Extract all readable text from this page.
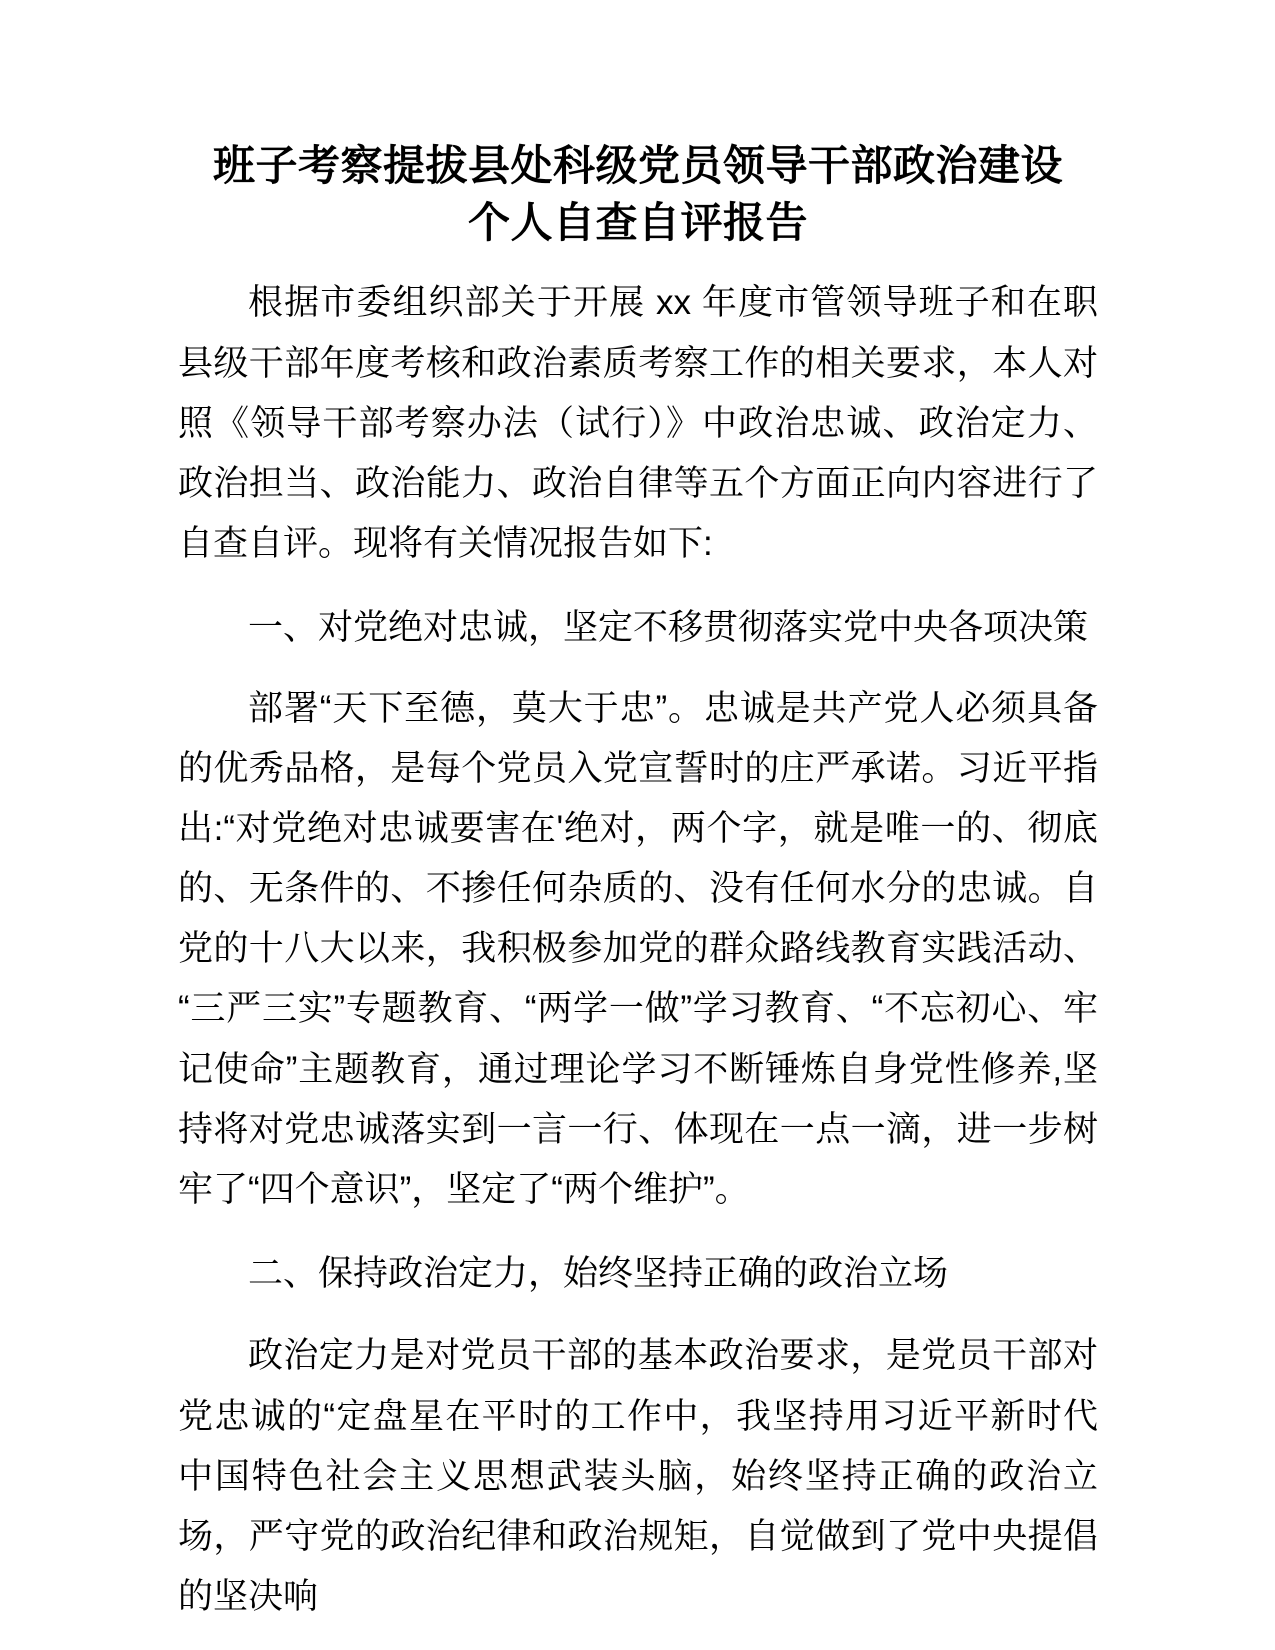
班子考察提拔县处科级党员领导干部政治建设
个人自查自评报告

根据市委组织部关于开展 xx 年度市管领导班子和在职县级干部年度考核和政治素质考察工作的相关要求，本人对照《领导干部考察办法（试行）》中政治忠诚、政治定力、政治担当、政治能力、政治自律等五个方面正向内容进行了自查自评。现将有关情况报告如下:

一、对党绝对忠诚，坚定不移贯彻落实党中央各项决策

部署“天下至德，莫大于忠”。忠诚是共产党人必须具备的优秀品格，是每个党员入党宣誓时的庄严承诺。习近平指出:“对党绝对忠诚要害在'绝对，两个字，就是唯一的、彻底的、无条件的、不掺任何杂质的、没有任何水分的忠诚。自党的十八大以来，我积极参加党的群众路线教育实践活动、“三严三实”专题教育、“两学一做”学习教育、“不忘初心、牢记使命”主题教育，通过理论学习不断锤炼自身党性修养,坚持将对党忠诚落实到一言一行、体现在一点一滴，进一步树牢了“四个意识”，坚定了“两个维护”。

二、保持政治定力，始终坚持正确的政治立场

政治定力是对党员干部的基本政治要求，是党员干部对党忠诚的“定盘星在平时的工作中，我坚持用习近平新时代中国特色社会主义思想武装头脑，始终坚持正确的政治立场，严守党的政治纪律和政治规矩，自觉做到了党中央提倡的坚决响
